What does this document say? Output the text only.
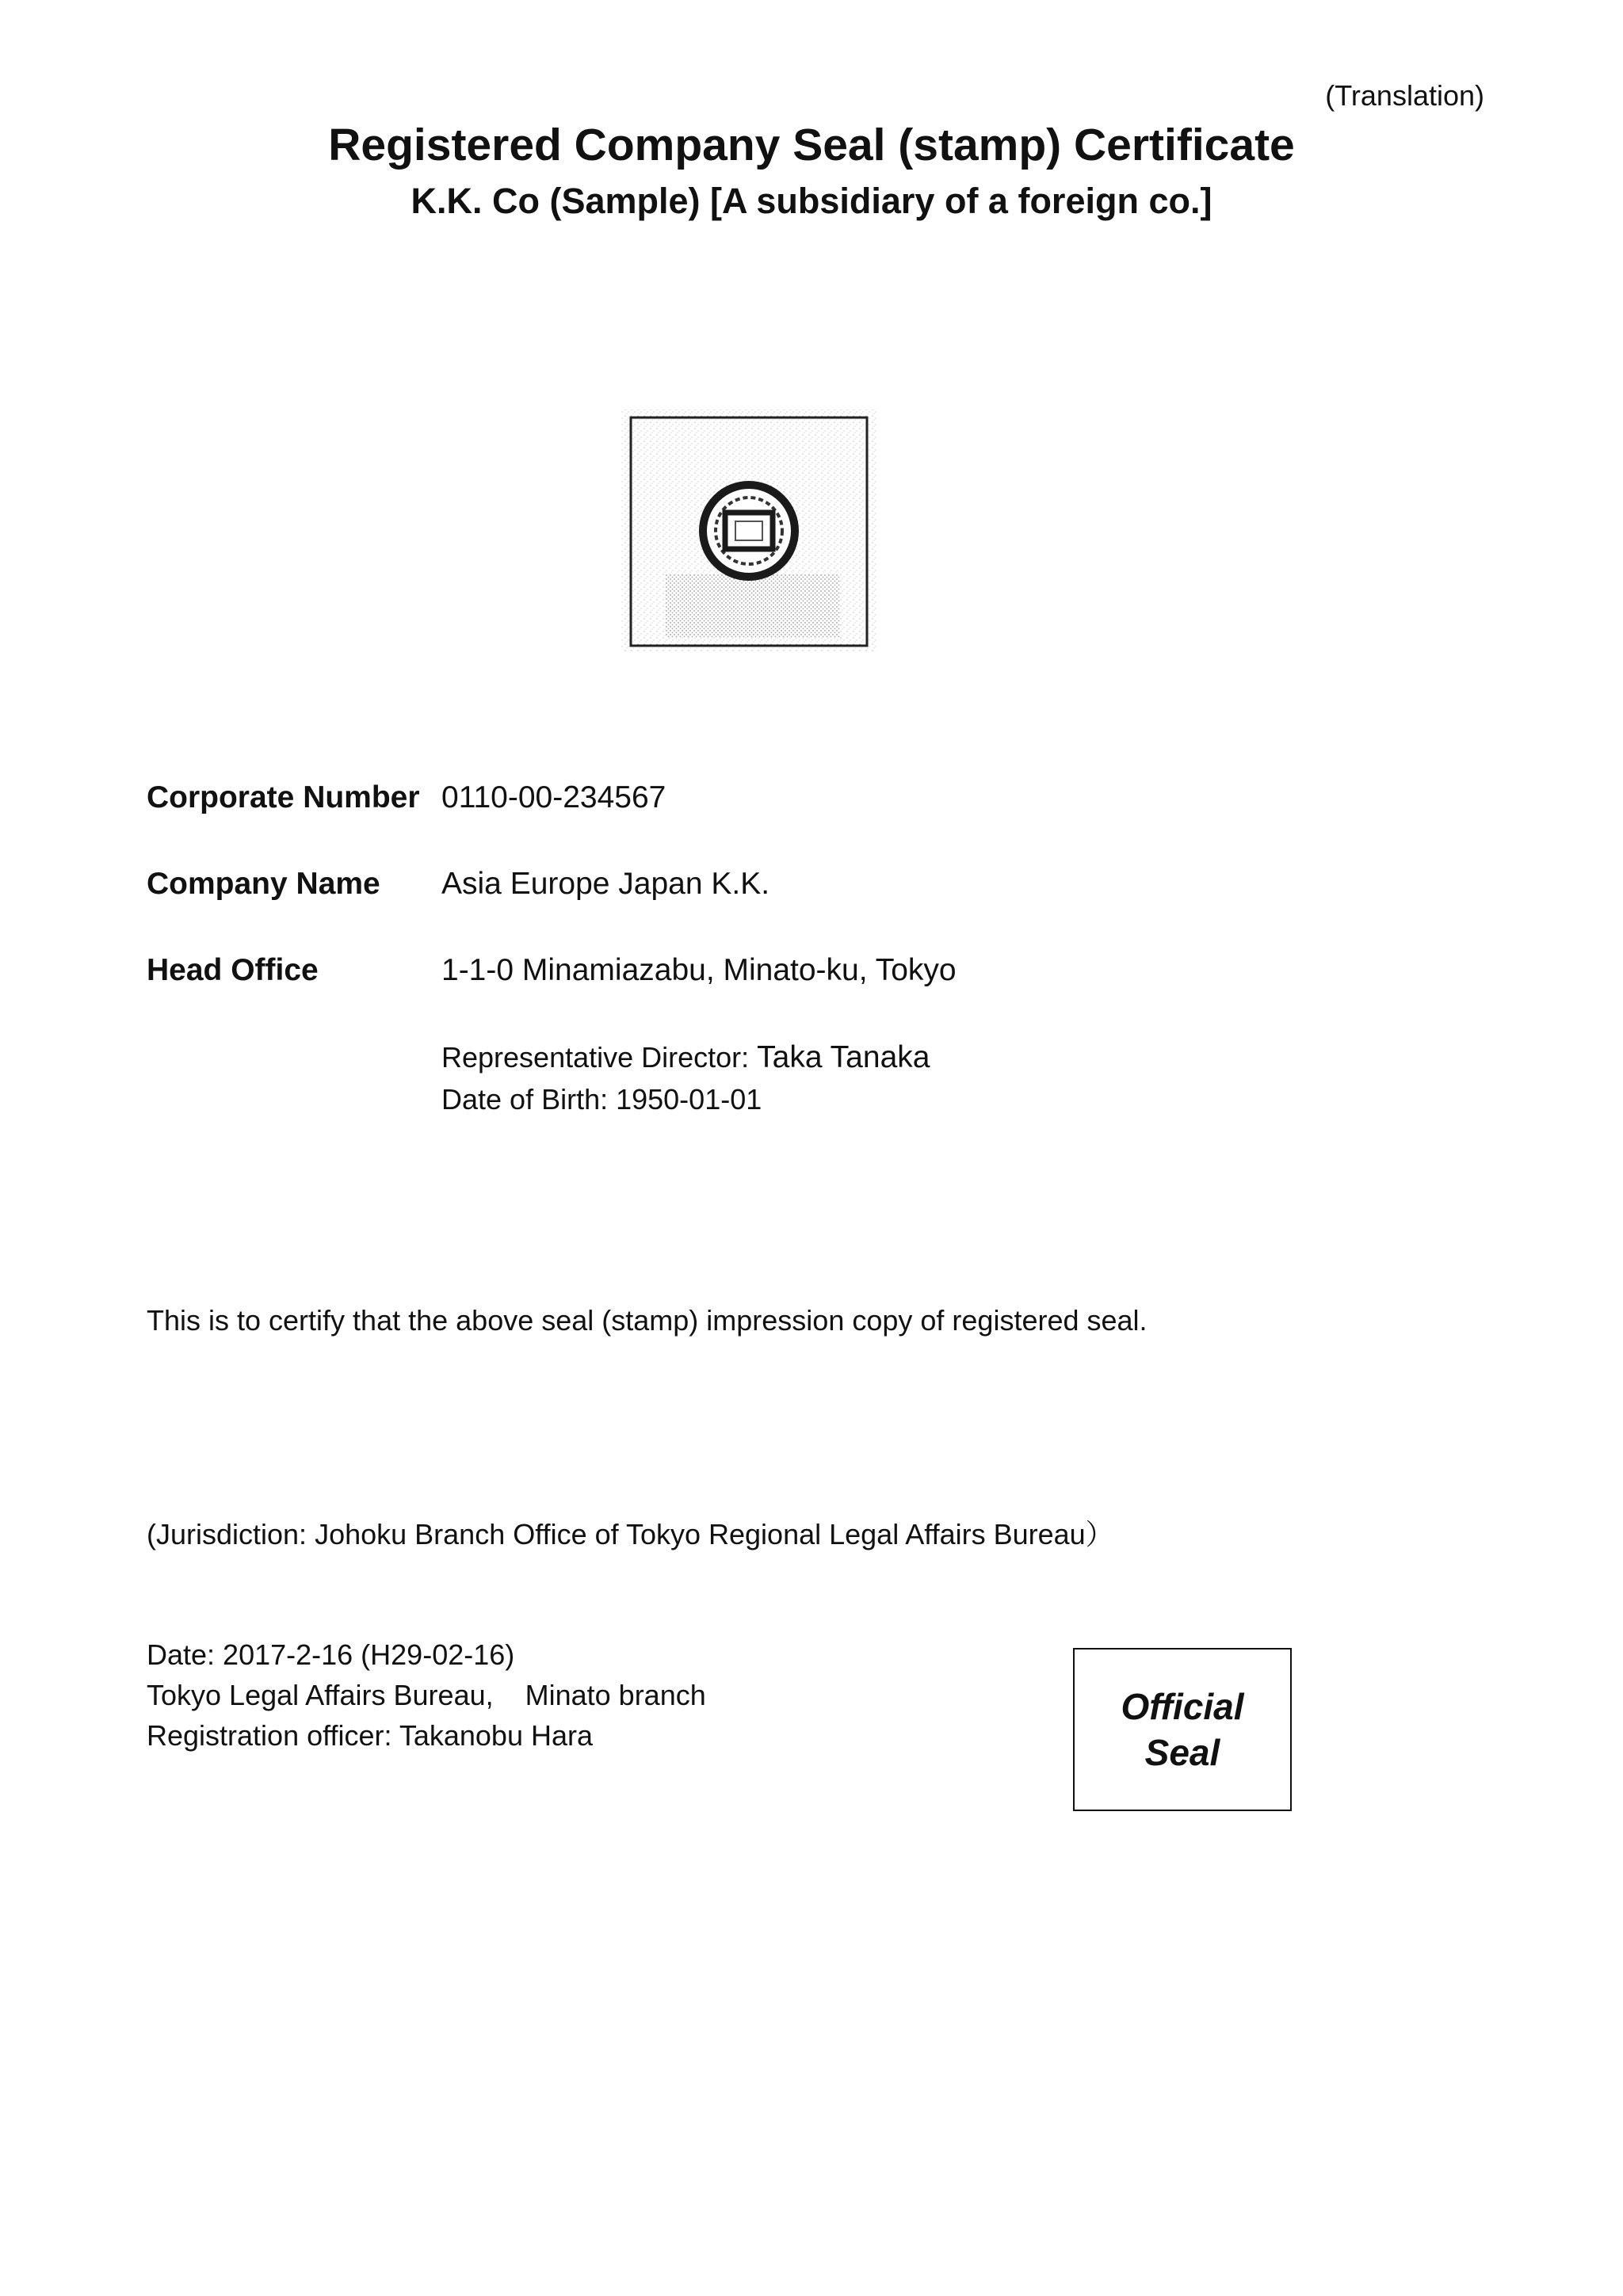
(Translation)
Registered Company Seal (stamp) Certificate
K.K. Co (Sample) [A subsidiary of a foreign co.]
Corporate Number 0110-00-234567
Company Name Asia Europe Japan K.K.
Head Office	1-1-0 Minamiazabu, Minato-ku, Tokyo
Representative Director: Taka Tanaka
Date of Birth: 1950-01-01
This is to certify that the above seal (stamp) impression copy of registered seal.
(Jurisdiction: Johoku Branch Office of Tokyo Regional Legal Affairs Bureau）
Date: 2017-2-16 (H29-02-16)
Tokyo Legal Affairs Bureau,    Minato branch
Registration officer: Takanobu Hara
Official Seal
